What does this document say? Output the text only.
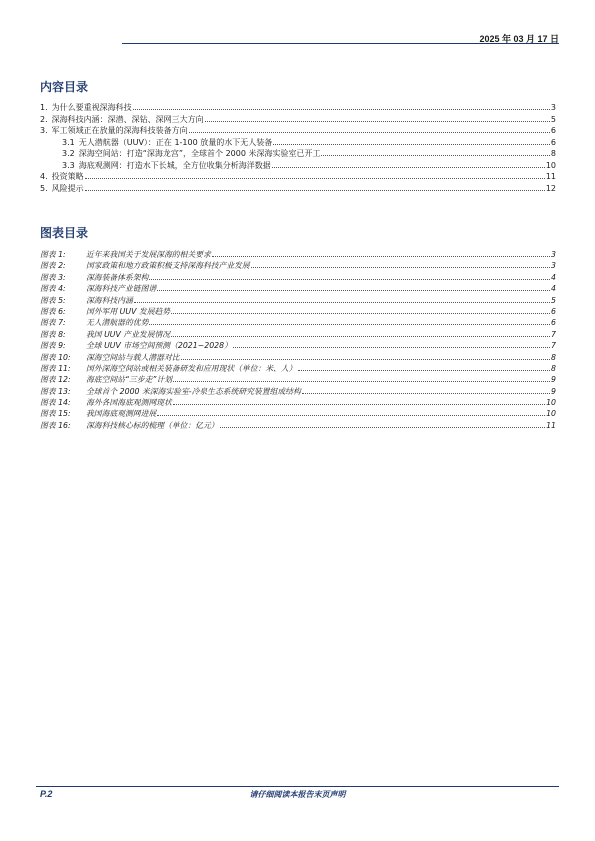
2025 年 03 月 17 日
内容目录
1. 为什么要重视深海科技	3
2. 深海科技内涵：深潜、深钻、深网三大方向	5
3. 军工领域正在放量的深海科技装备方向	6
3.1 无人潜航器（UUV）：正在 1-100 放量的水下无人装备	6
3.2 深海空间站：打造“深海龙宫”，全球首个 2000 米深海实验室已开工	8
3.3 海底观测网：打造水下长城，全方位收集分析海洋数据	10
4. 投资策略	11
5. 风险提示	12
图表目录
图表 1:	近年来我国关于发展深海的相关要求	3
图表 2:	国家政策和地方政策积极支持深海科技产业发展	3
图表 3:	深海装备体系架构	4
图表 4:	深海科技产业链图谱	4
图表 5:	深海科技内涵	5
图表 6:	国外军用 UUV 发展趋势	6
图表 7:	无人潜航器的优势	6
图表 8:	我国 UUV 产业发展情况	7
图表 9:	全球 UUV 市场空间预测（2021~2028）	7
图表 10:	深海空间站与载人潜器对比	8
图表 11:	国外深海空间站或相关装备研发和应用现状（单位：米、人）	8
图表 12:	海底空间站“三步走”计划	9
图表 13:	全球首个 2000 米深海实验室-冷泉生态系统研究装置组成结构	9
图表 14:	海外各国海底观测网现状	10
图表 15:	我国海底观测网进展	10
图表 16:	深海科技核心标的梳理（单位：亿元）	11
P.2	请仔细阅读本报告末页声明
